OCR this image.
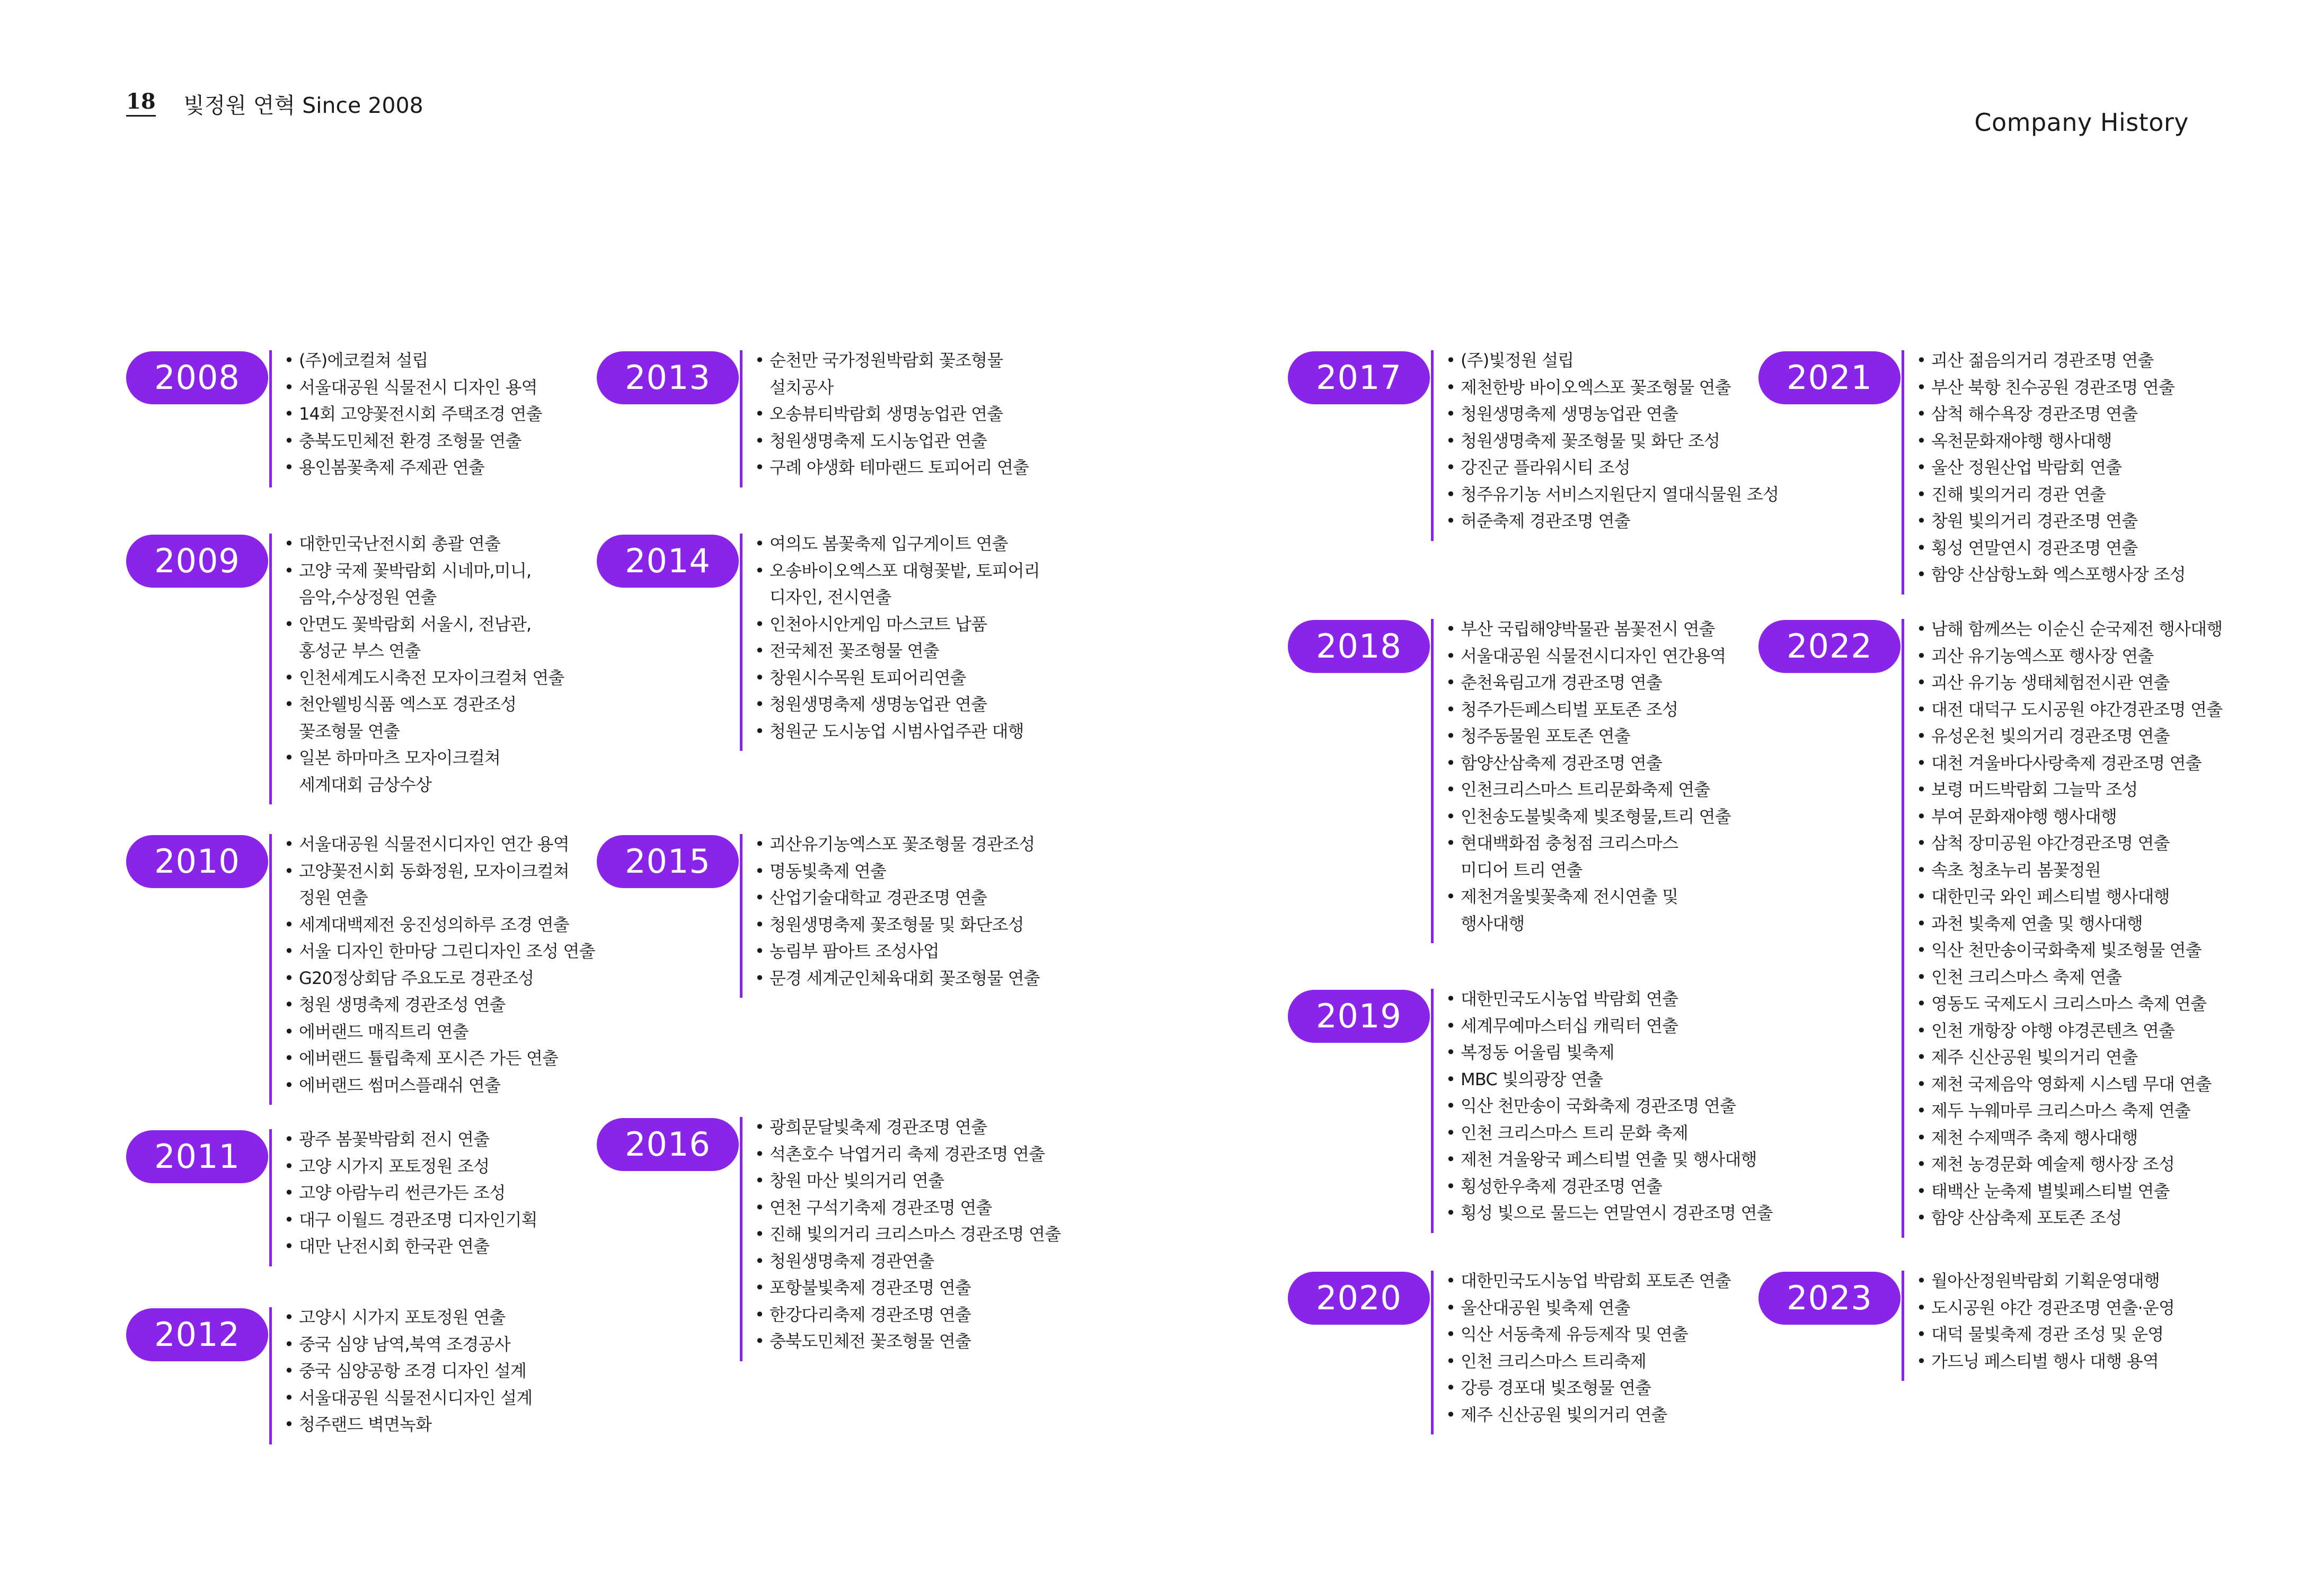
18 빛정원 연혁 Since 2008
Company History
2008	• (주)에코컬쳐 설립
• 서울대공원 식물전시 디자인 용역
• 14회 고양꽃전시회 주택조경 연출
• 충북도민체전 환경 조형물 연출
• 용인봄꽃축제 주제관 연출
2009	• 대한민국난전시회 총괄 연출
• 고양 국제 꽃박람회 시네마,미니,
음악,수상정원 연출
• 안면도 꽃박람회 서울시, 전남관,
홍성군 부스 연출
• 인천세계도시축전 모자이크컬쳐 연출
• 천안웰빙식품 엑스포 경관조성
꽃조형물 연출
• 일본 하마마츠 모자이크컬쳐
세계대회 금상수상
2010	• 서울대공원 식물전시디자인 연간 용역
• 고양꽃전시회 동화정원, 모자이크컬쳐
정원 연출
• 세계대백제전 웅진성의하루 조경 연출
• 서울 디자인 한마당 그린디자인 조성 연출
• G20정상회담 주요도로 경관조성
• 청원 생명축제 경관조성 연출
• 에버랜드 매직트리 연출
• 에버랜드 튤립축제 포시즌 가든 연출
• 에버랜드 썸머스플래쉬 연출
2011	• 광주 봄꽃박람회 전시 연출
• 고양 시가지 포토정원 조성
• 고양 아람누리 썬큰가든 조성
• 대구 이월드 경관조명 디자인기획
• 대만 난전시회 한국관 연출
2012	• 고양시 시가지 포토정원 연출
• 중국 심양 남역,북역 조경공사
• 중국 심양공항 조경 디자인 설계
• 서울대공원 식물전시디자인 설계
• 청주랜드 벽면녹화
2013	• 순천만 국가정원박람회 꽃조형물
설치공사
• 오송뷰티박람회 생명농업관 연출
• 청원생명축제 도시농업관 연출
• 구례 야생화 테마랜드 토피어리 연출
2014	• 여의도 봄꽃축제 입구게이트 연출
• 오송바이오엑스포 대형꽃밭, 토피어리
디자인, 전시연출
• 인천아시안게임 마스코트 납품
• 전국체전 꽃조형물 연출
• 창원시수목원 토피어리연출
• 청원생명축제 생명농업관 연출
• 청원군 도시농업 시범사업주관 대행
2015	• 괴산유기농엑스포 꽃조형물 경관조성
• 명동빛축제 연출
• 산업기술대학교 경관조명 연출
• 청원생명축제 꽃조형물 및 화단조성
• 농림부 팜아트 조성사업
• 문경 세계군인체육대회 꽃조형물 연출
2016	• 광희문달빛축제 경관조명 연출
• 석촌호수 낙엽거리 축제 경관조명 연출
• 창원 마산 빛의거리 연출
• 연천 구석기축제 경관조명 연출
• 진해 빛의거리 크리스마스 경관조명 연출
• 청원생명축제 경관연출
• 포항불빛축제 경관조명 연출
• 한강다리축제 경관조명 연출
• 충북도민체전 꽃조형물 연출
2017	• (주)빛정원 설립
• 제천한방 바이오엑스포 꽃조형물 연출
• 청원생명축제 생명농업관 연출
• 청원생명축제 꽃조형물 및 화단 조성
• 강진군 플라워시티 조성
• 청주유기농 서비스지원단지 열대식물원 조성
• 허준축제 경관조명 연출
2018	• 부산 국립해양박물관 봄꽃전시 연출
• 서울대공원 식물전시디자인 연간용역
• 춘천육림고개 경관조명 연출
• 청주가든페스티벌 포토존 조성
• 청주동물원 포토존 연출
• 함양산삼축제 경관조명 연출
• 인천크리스마스 트리문화축제 연출
• 인천송도불빛축제 빛조형물,트리 연출
• 현대백화점 충청점 크리스마스
미디어 트리 연출
• 제천겨울빛꽃축제 전시연출 및
행사대행
2019	• 대한민국도시농업 박람회 연출
• 세계무예마스터십 캐릭터 연출
• 복정동 어울림 빛축제
• MBC 빛의광장 연출
• 익산 천만송이 국화축제 경관조명 연출
• 인천 크리스마스 트리 문화 축제
• 제천 겨울왕국 페스티벌 연출 및 행사대행
• 횡성한우축제 경관조명 연출
• 횡성 빛으로 물드는 연말연시 경관조명 연출
2020	• 대한민국도시농업 박람회 포토존 연출
• 울산대공원 빛축제 연출
• 익산 서동축제 유등제작 및 연출
• 인천 크리스마스 트리축제
• 강릉 경포대 빛조형물 연출
• 제주 신산공원 빛의거리 연출
2021	• 괴산 젊음의거리 경관조명 연출
• 부산 북항 친수공원 경관조명 연출
• 삼척 해수욕장 경관조명 연출
• 옥천문화재야행 행사대행
• 울산 정원산업 박람회 연출
• 진해 빛의거리 경관 연출
• 창원 빛의거리 경관조명 연출
• 횡성 연말연시 경관조명 연출
• 함양 산삼항노화 엑스포행사장 조성
2022	• 남해 함께쓰는 이순신 순국제전 행사대행
• 괴산 유기농엑스포 행사장 연출
• 괴산 유기농 생태체험전시관 연출
• 대전 대덕구 도시공원 야간경관조명 연출
• 유성온천 빛의거리 경관조명 연출
• 대천 겨울바다사랑축제 경관조명 연출
• 보령 머드박람회 그늘막 조성
• 부여 문화재야행 행사대행
• 삼척 장미공원 야간경관조명 연출
• 속초 청초누리 봄꽃정원
• 대한민국 와인 페스티벌 행사대행
• 과천 빛축제 연출 및 행사대행
• 익산 천만송이국화축제 빛조형물 연출
• 인천 크리스마스 축제 연출
• 영동도 국제도시 크리스마스 축제 연출
• 인천 개항장 야행 야경콘텐츠 연출
• 제주 신산공원 빛의거리 연출
• 제천 국제음악 영화제 시스템 무대 연출
• 제두 누웨마루 크리스마스 축제 연출
• 제천 수제맥주 축제 행사대행
• 제천 농경문화 예술제 행사장 조성
• 태백산 눈축제 별빛페스티벌 연출
• 함양 산삼축제 포토존 조성
2023	• 월아산정원박람회 기획운영대행
• 도시공원 야간 경관조명 연출·운영
• 대덕 물빛축제 경관 조성 및 운영
• 가드닝 페스티벌 행사 대행 용역
